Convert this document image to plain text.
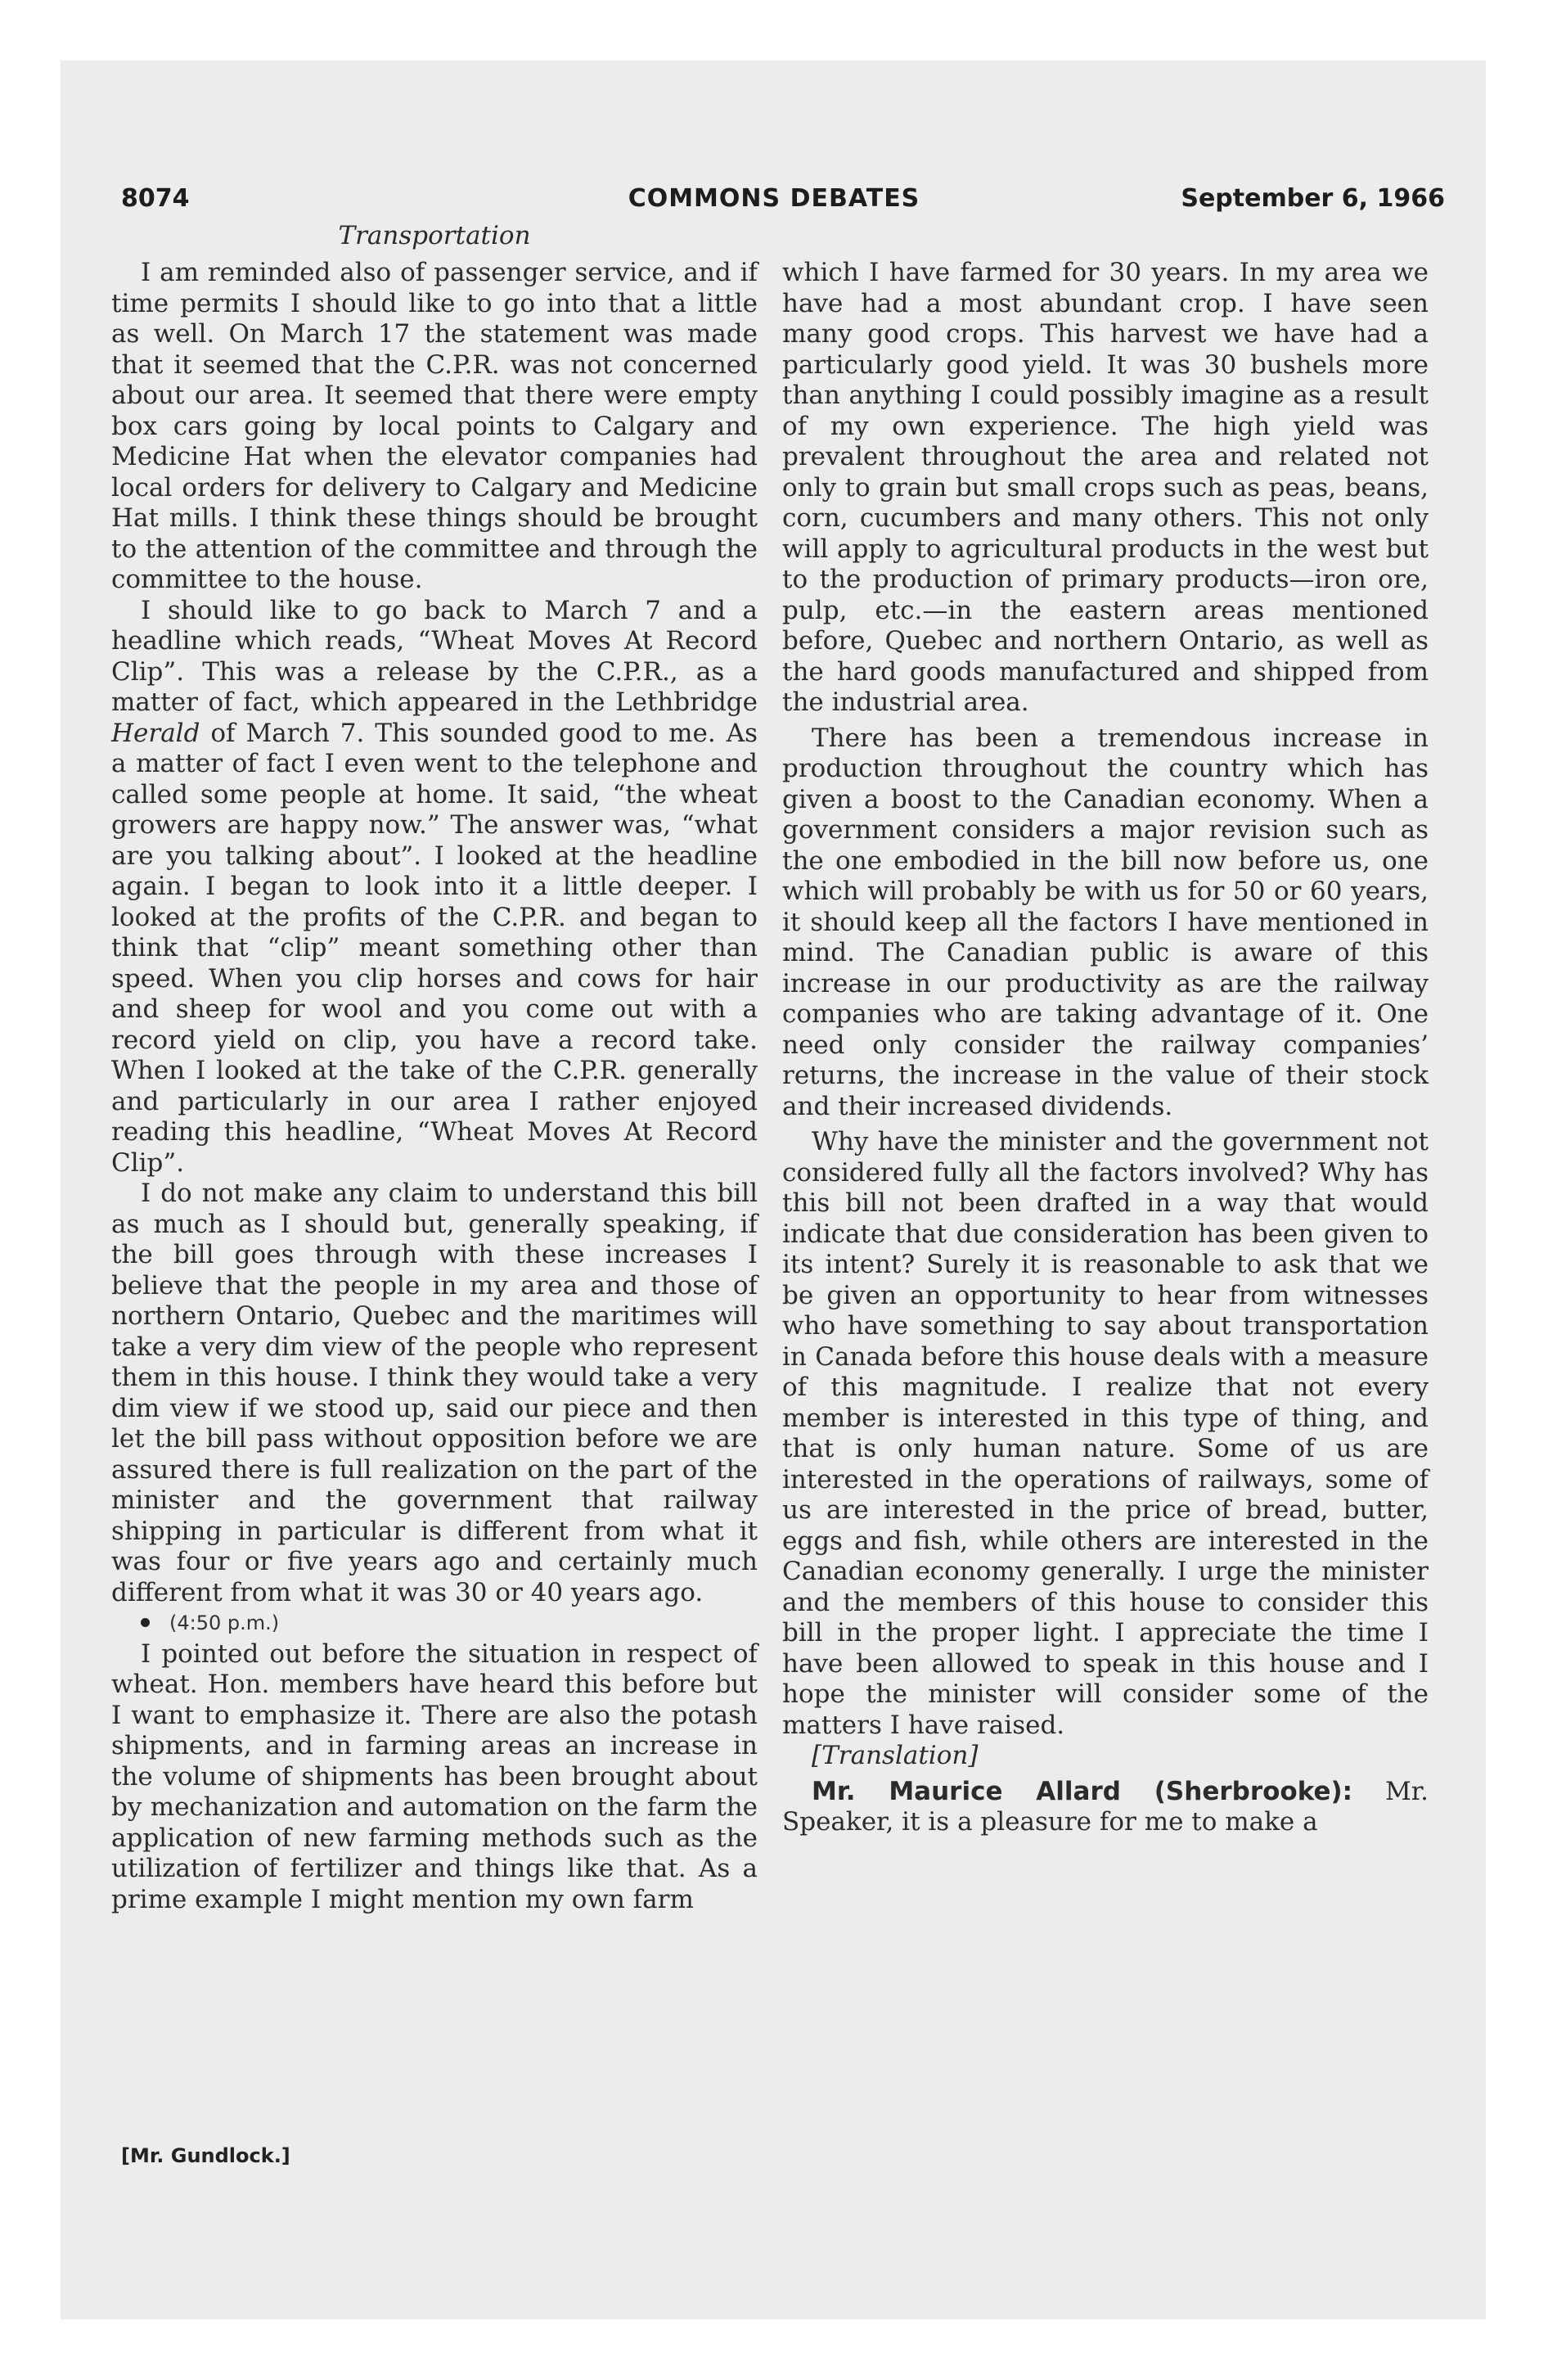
8074	COMMONS DEBATES	September 6, 1966
Transportation

I am reminded also of passenger service, and if time permits I should like to go into that a little as well. On March 17 the statement was made that it seemed that the C.P.R. was not concerned about our area. It seemed that there were empty box cars going by local points to Calgary and Medicine Hat when the elevator companies had local orders for delivery to Calgary and Medicine Hat mills. I think these things should be brought to the attention of the committee and through the committee to the house.

I should like to go back to March 7 and a headline which reads, “Wheat Moves At Record Clip”. This was a release by the C.P.R., as a matter of fact, which appeared in the Lethbridge Herald of March 7. This sounded good to me. As a matter of fact I even went to the telephone and called some people at home. It said, “the wheat growers are happy now.” The answer was, “what are you talking about”. I looked at the headline again. I began to look into it a little deeper. I looked at the profits of the C.P.R. and began to think that “clip” meant something other than speed. When you clip horses and cows for hair and sheep for wool and you come out with a record yield on clip, you have a record take. When I looked at the take of the C.P.R. generally and particularly in our area I rather enjoyed reading this headline, “Wheat Moves At Record Clip”.

I do not make any claim to understand this bill as much as I should but, generally speaking, if the bill goes through with these increases I believe that the people in my area and those of northern Ontario, Quebec and the maritimes will take a very dim view of the people who represent them in this house. I think they would take a very dim view if we stood up, said our piece and then let the bill pass without opposition before we are assured there is full realization on the part of the minister and the government that railway shipping in particular is different from what it was four or five years ago and certainly much different from what it was 30 or 40 years ago.

(4:50 p.m.)

I pointed out before the situation in respect of wheat. Hon. members have heard this before but I want to emphasize it. There are also the potash shipments, and in farming areas an increase in the volume of shipments has been brought about by mechanization and automation on the farm the application of new farming methods such as the utilization of fertilizer and things like that. As a prime example I might mention my own farm

which I have farmed for 30 years. In my area we have had a most abundant crop. I have seen many good crops. This harvest we have had a particularly good yield. It was 30 bushels more than anything I could possibly imagine as a result of my own experience. The high yield was prevalent throughout the area and related not only to grain but small crops such as peas, beans, corn, cucumbers and many others. This not only will apply to agricultural products in the west but to the production of primary products—iron ore, pulp, etc.—in the eastern areas mentioned before, Quebec and northern Ontario, as well as the hard goods manufactured and shipped from the industrial area.

There has been a tremendous increase in production throughout the country which has given a boost to the Canadian economy. When a government considers a major revision such as the one embodied in the bill now before us, one which will probably be with us for 50 or 60 years, it should keep all the factors I have mentioned in mind. The Canadian public is aware of this increase in our productivity as are the railway companies who are taking advantage of it. One need only consider the railway companies’ returns, the increase in the value of their stock and their increased dividends.

Why have the minister and the government not considered fully all the factors involved? Why has this bill not been drafted in a way that would indicate that due consideration has been given to its intent? Surely it is reasonable to ask that we be given an opportunity to hear from witnesses who have something to say about transportation in Canada before this house deals with a measure of this magnitude. I realize that not every member is interested in this type of thing, and that is only human nature. Some of us are interested in the operations of railways, some of us are interested in the price of bread, butter, eggs and fish, while others are interested in the Canadian economy generally. I urge the minister and the members of this house to consider this bill in the proper light. I appreciate the time I have been allowed to speak in this house and I hope the minister will consider some of the matters I have raised.

[Translation]

Mr. Maurice Allard (Sherbrooke): Mr. Speaker, it is a pleasure for me to make a

[Mr. Gundlock.]
